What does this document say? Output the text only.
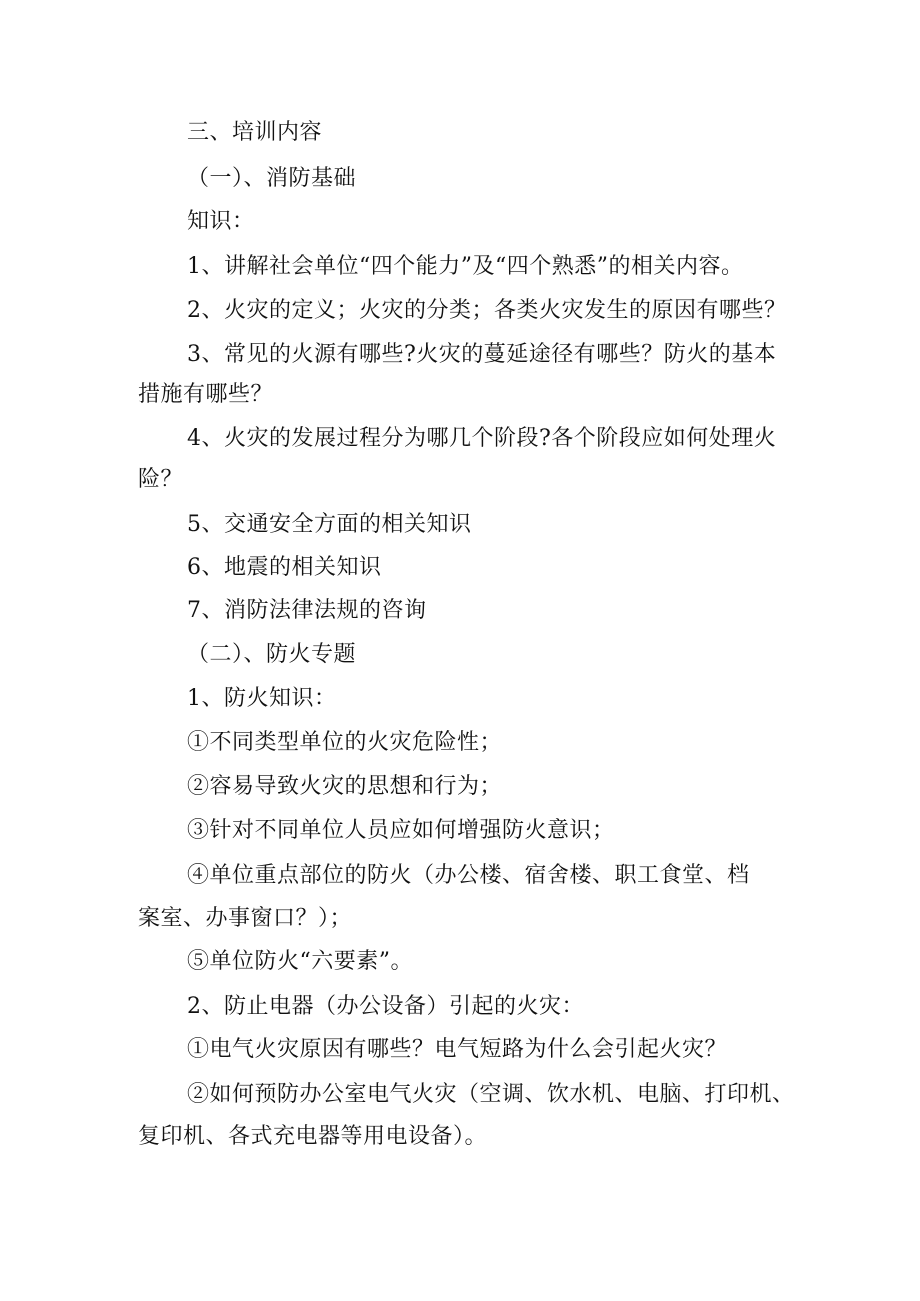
三、培训内容
（一）、消防基础
知识：
1、讲解社会单位“四个能力”及“四个熟悉”的相关内容。
2、火灾的定义；火灾的分类；各类火灾发生的原因有哪些？
3、常见的火源有哪些?火灾的蔓延途径有哪些？防火的基本
措施有哪些？
4、火灾的发展过程分为哪几个阶段?各个阶段应如何处理火
险？
5、交通安全方面的相关知识
6、地震的相关知识
7、消防法律法规的咨询
（二）、防火专题
1、防火知识：
①不同类型单位的火灾危险性；
②容易导致火灾的思想和行为；
③针对不同单位人员应如何增强防火意识；
④单位重点部位的防火（办公楼、宿舍楼、职工食堂、档
案室、办事窗口？）；
⑤单位防火“六要素”。
2、防止电器（办公设备）引起的火灾：
①电气火灾原因有哪些？电气短路为什么会引起火灾？
②如何预防办公室电气火灾（空调、饮水机、电脑、打印机、
复印机、各式充电器等用电设备）。
